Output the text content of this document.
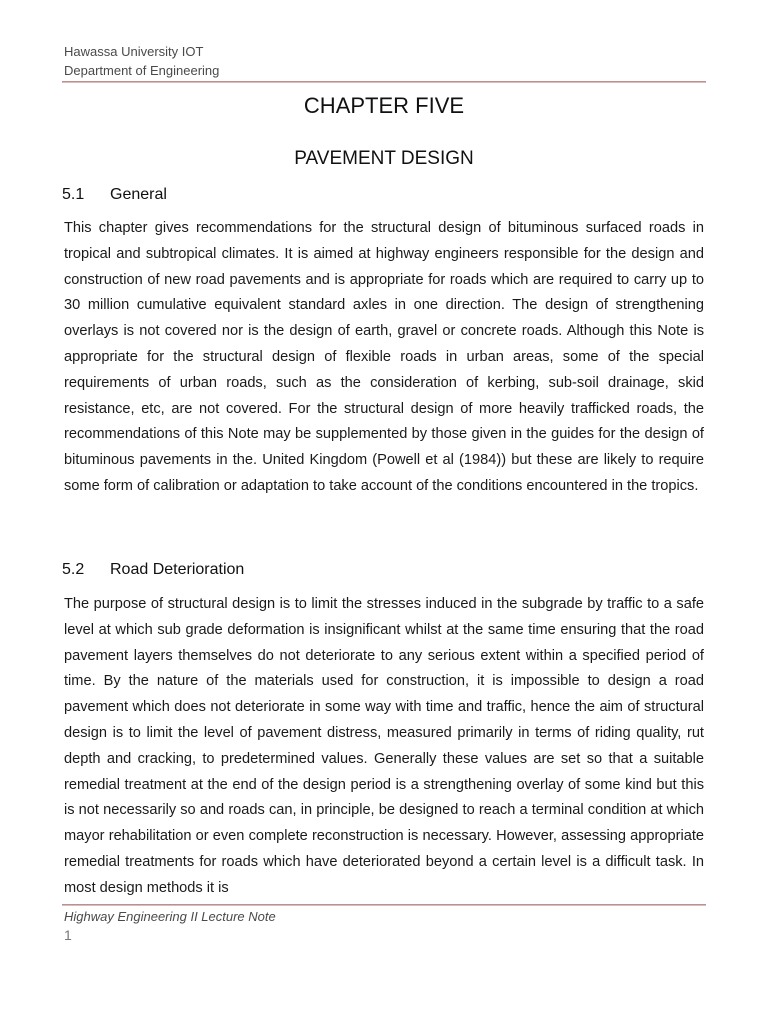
Hawassa University IOT
Department of Engineering
CHAPTER FIVE
PAVEMENT DESIGN
5.1 General
This chapter gives recommendations for the structural design of bituminous surfaced roads in tropical and subtropical climates. It is aimed at highway engineers responsible for the design and construction of new road pavements and is appropriate for roads which are required to carry up to 30 million cumulative equivalent standard axles in one direction. The design of strengthening overlays is not covered nor is the design of earth, gravel or concrete roads. Although this Note is appropriate for the structural design of flexible roads in urban areas, some of the special requirements of urban roads, such as the consideration of kerbing, sub-soil drainage, skid resistance, etc, are not covered. For the structural design of more heavily trafficked roads, the recommendations of this Note may be supplemented by those given in the guides for the design of bituminous pavements in the. United Kingdom (Powell et al (1984)) but these are likely to require some form of calibration or adaptation to take account of the conditions encountered in the tropics.
5.2 Road Deterioration
The purpose of structural design is to limit the stresses induced in the subgrade by traffic to a safe level at which sub grade deformation is insignificant whilst at the same time ensuring that the road pavement layers themselves do not deteriorate to any serious extent within a specified period of time. By the nature of the materials used for construction, it is impossible to design a road pavement which does not deteriorate in some way with time and traffic, hence the aim of structural design is to limit the level of pavement distress, measured primarily in terms of riding quality, rut depth and cracking, to predetermined values. Generally these values are set so that a suitable remedial treatment at the end of the design period is a strengthening overlay of some kind but this is not necessarily so and roads can, in principle, be designed to reach a terminal condition at which mayor rehabilitation or even complete reconstruction is necessary. However, assessing appropriate remedial treatments for roads which have deteriorated beyond a certain level is a difficult task. In most design methods it is
Highway Engineering II Lecture Note
1
